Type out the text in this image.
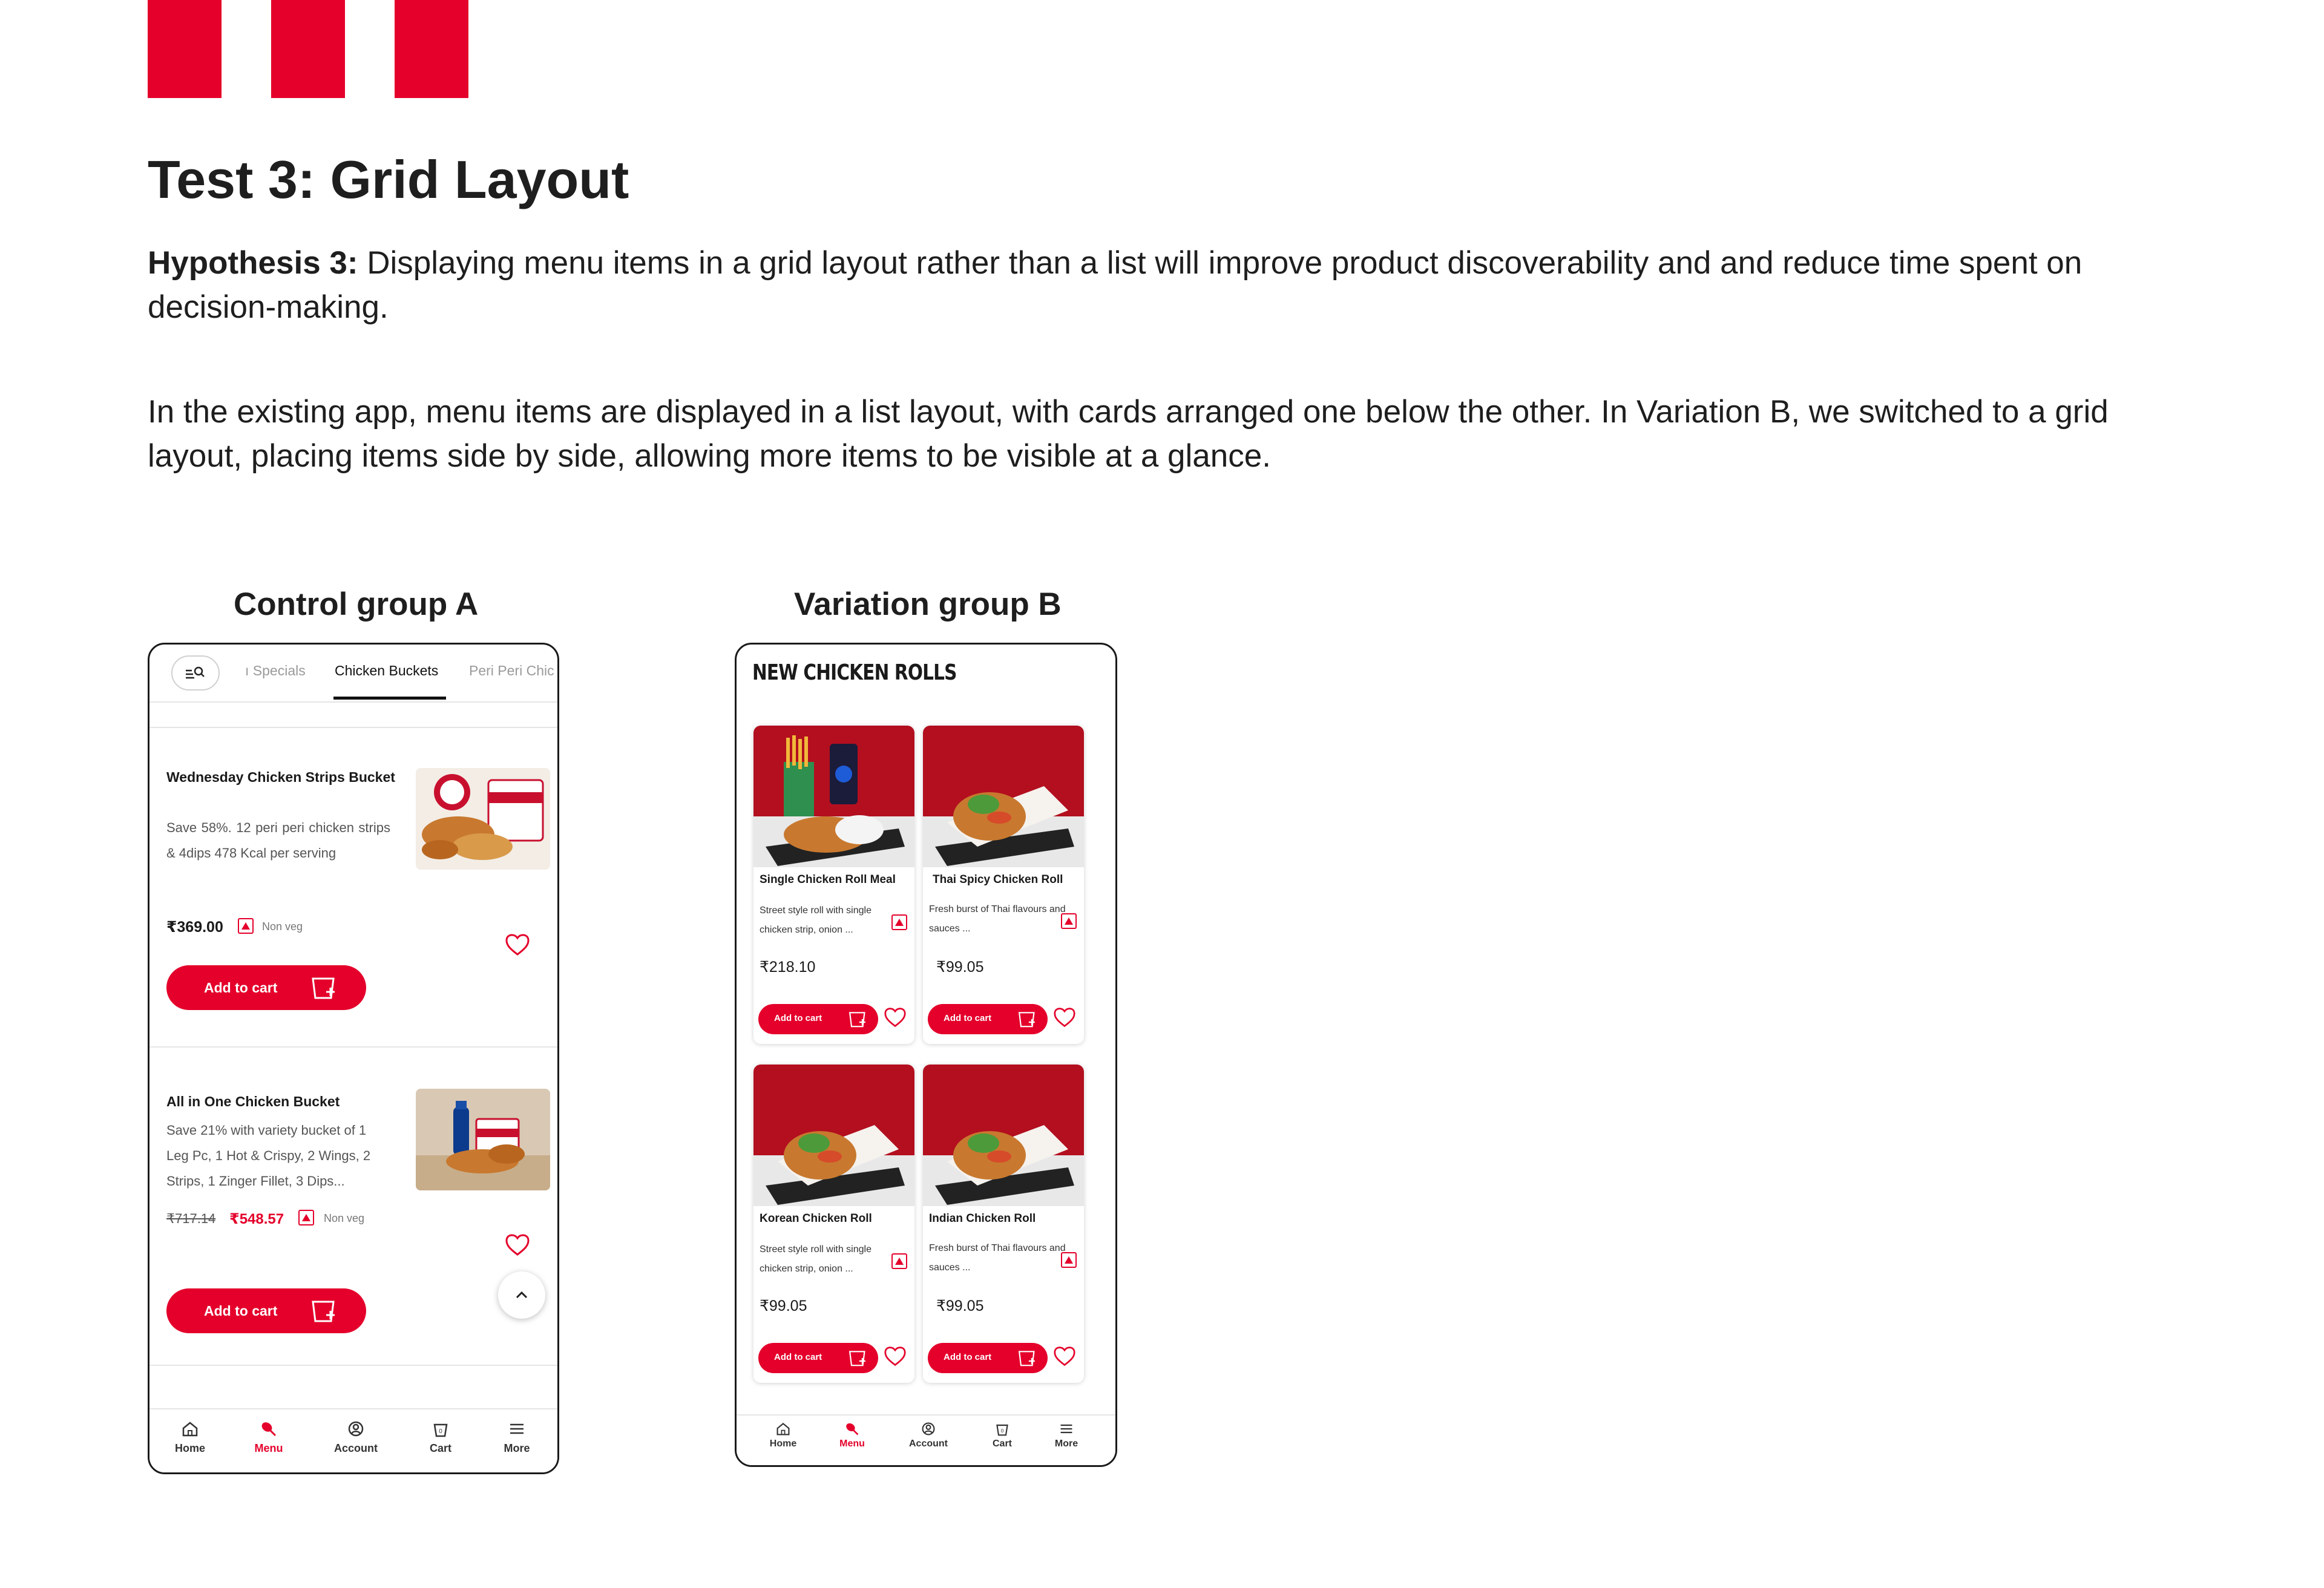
Test 3: Grid Layout

Hypothesis 3: Displaying menu items in a grid layout rather than a list will improve product discoverability and and reduce time spent on decision-making.

In the existing app, menu items are displayed in a list layout, with cards arranged one below the other. In Variation B, we switched to a grid layout, placing items side by side, allowing more items to be visible at a glance.

Control group A	Variation group B
ı Specials Chicken Buckets Peri Peri Chic
Wednesday Chicken Strips Bucket
Save 58%. 12 peri peri chicken strips & 4dips 478 Kcal per serving
₹369.00	Non veg
Add to cart
All in One Chicken Bucket
Save 21% with variety bucket of 1 Leg Pc, 1 Hot & Crispy, 2 Wings, 2 Strips, 1 Zinger Fillet, 3 Dips...
₹717.14 ₹548.57	Non veg
Add to cart
Home	Menu	Account
0
Cart	More
NEW CHICKEN ROLLS
Single Chicken Roll Meal
Street style roll with single chicken strip, onion ...
₹218.10
Add to cart
Thai Spicy Chicken Roll
Fresh burst of Thai flavours and sauces ...
₹99.05
Add to cart
Korean Chicken Roll
Street style roll with single chicken strip, onion ...
₹99.05
Add to cart
Indian Chicken Roll
Fresh burst of Thai flavours and sauces ...
₹99.05
Add to cart
Home	Menu	Account
0
Cart	More
